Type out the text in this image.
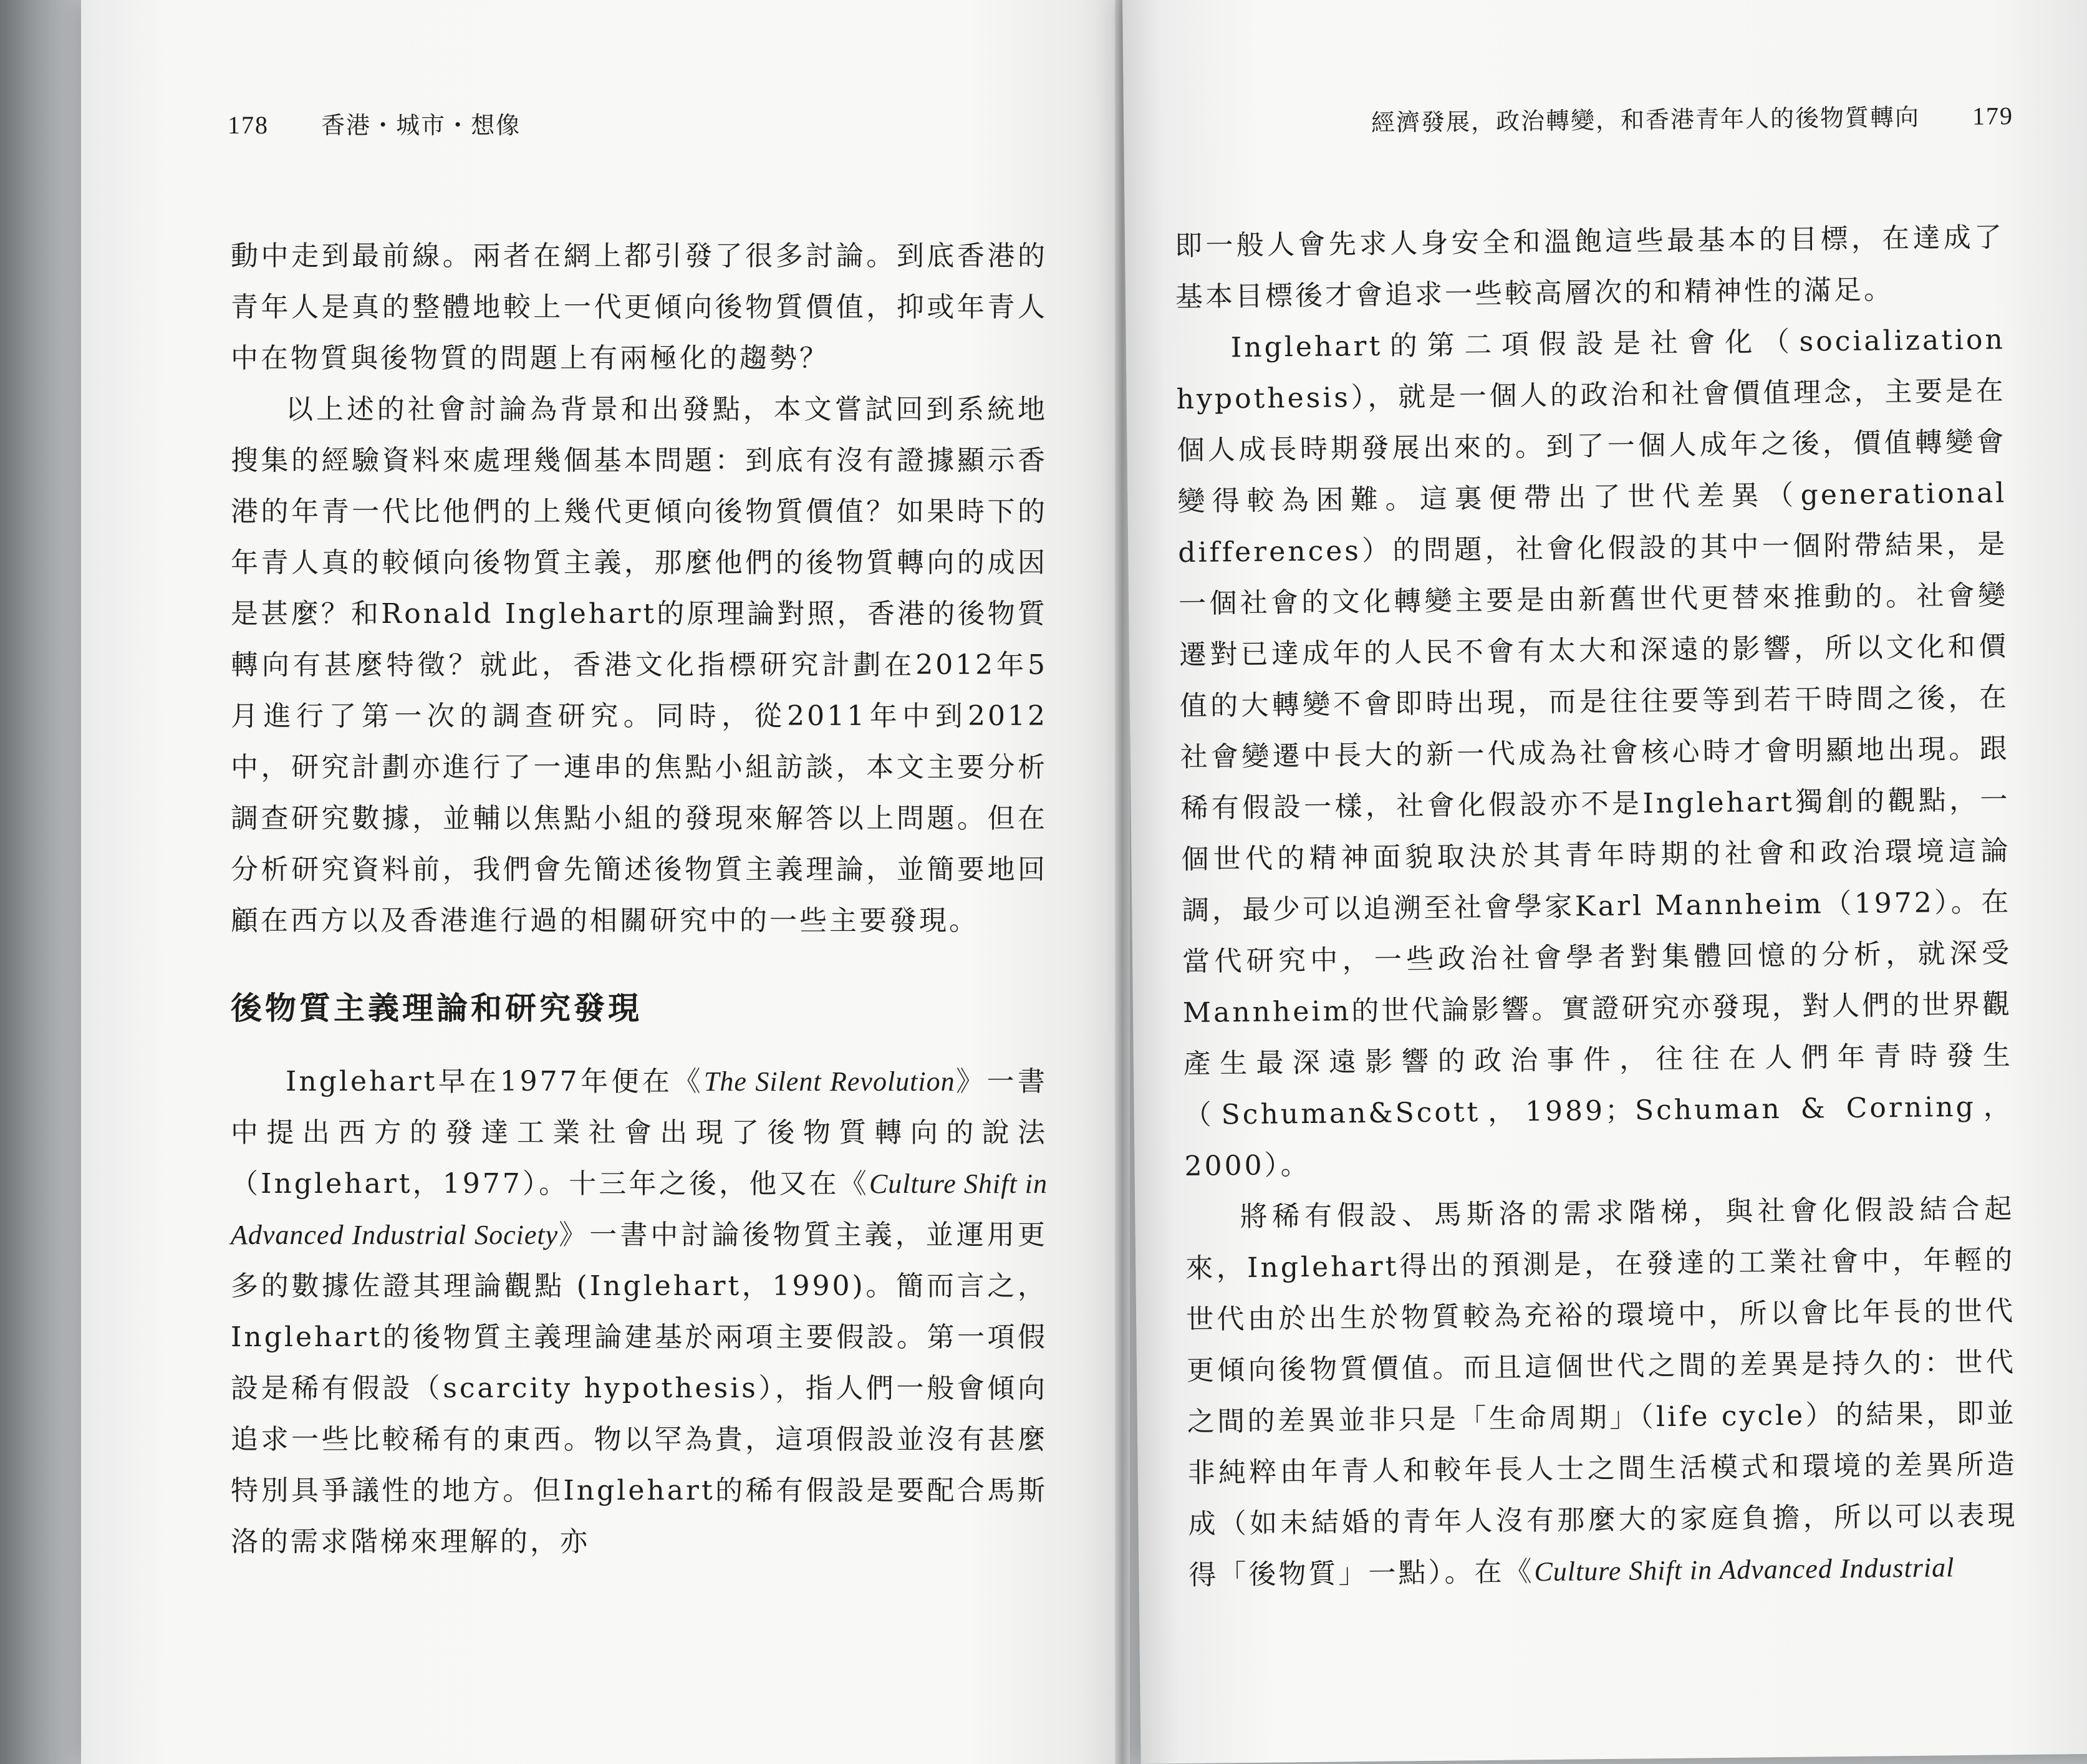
178 香港・城市・想像

動中走到最前線。兩者在網上都引發了很多討論。到底香港的青年人是真的整體地較上一代更傾向後物質價值，抑或年青人中在物質與後物質的問題上有兩極化的趨勢？

以上述的社會討論為背景和出發點，本文嘗試回到系統地搜集的經驗資料來處理幾個基本問題：到底有沒有證據顯示香港的年青一代比他們的上幾代更傾向後物質價值？如果時下的年青人真的較傾向後物質主義，那麼他們的後物質轉向的成因是甚麼？和Ronald Inglehart的原理論對照，香港的後物質轉向有甚麼特徵？就此，香港文化指標研究計劃在2012年5月進行了第一次的調查研究。同時，從2011年中到2012中，研究計劃亦進行了一連串的焦點小組訪談，本文主要分析調查研究數據，並輔以焦點小組的發現來解答以上問題。但在分析研究資料前，我們會先簡述後物質主義理論，並簡要地回顧在西方以及香港進行過的相關研究中的一些主要發現。

後物質主義理論和研究發現

Inglehart早在1977年便在《The Silent Revolution》一書中提出西方的發達工業社會出現了後物質轉向的說法（Inglehart，1977）。十三年之後，他又在《Culture Shift in Advanced Industrial Society》一書中討論後物質主義，並運用更多的數據佐證其理論觀點 (Inglehart，1990)。簡而言之，Inglehart的後物質主義理論建基於兩項主要假設。第一項假設是稀有假設（scarcity hypothesis），指人們一般會傾向追求一些比較稀有的東西。物以罕為貴，這項假設並沒有甚麼特別具爭議性的地方。但Inglehart的稀有假設是要配合馬斯洛的需求階梯來理解的，亦

經濟發展，政治轉變，和香港青年人的後物質轉向 179

即一般人會先求人身安全和溫飽這些最基本的目標，在達成了基本目標後才會追求一些較高層次的和精神性的滿足。

Inglehart的第二項假設是社會化（socialization hypothesis），就是一個人的政治和社會價值理念，主要是在個人成長時期發展出來的。到了一個人成年之後，價值轉變會變得較為困難。這裏便帶出了世代差異（generational differences）的問題，社會化假設的其中一個附帶結果，是一個社會的文化轉變主要是由新舊世代更替來推動的。社會變遷對已達成年的人民不會有太大和深遠的影響，所以文化和價值的大轉變不會即時出現，而是往往要等到若干時間之後，在社會變遷中長大的新一代成為社會核心時才會明顯地出現。跟稀有假設一樣，社會化假設亦不是Inglehart獨創的觀點，一個世代的精神面貌取決於其青年時期的社會和政治環境這論調，最少可以追溯至社會學家Karl Mannheim（1972）。在當代研究中，一些政治社會學者對集體回憶的分析，就深受Mannheim的世代論影響。實證研究亦發現，對人們的世界觀產生最深遠影響的政治事件，往往在人們年青時發生（Schuman&Scott，1989；Schuman & Corning，2000）。

將稀有假設、馬斯洛的需求階梯，與社會化假設結合起來，Inglehart得出的預測是，在發達的工業社會中，年輕的世代由於出生於物質較為充裕的環境中，所以會比年長的世代更傾向後物質價值。而且這個世代之間的差異是持久的：世代之間的差異並非只是「生命周期」（life cycle）的結果，即並非純粹由年青人和較年長人士之間生活模式和環境的差異所造成（如未結婚的青年人沒有那麼大的家庭負擔，所以可以表現得「後物質」一點）。在《Culture Shift in Advanced Industrial
